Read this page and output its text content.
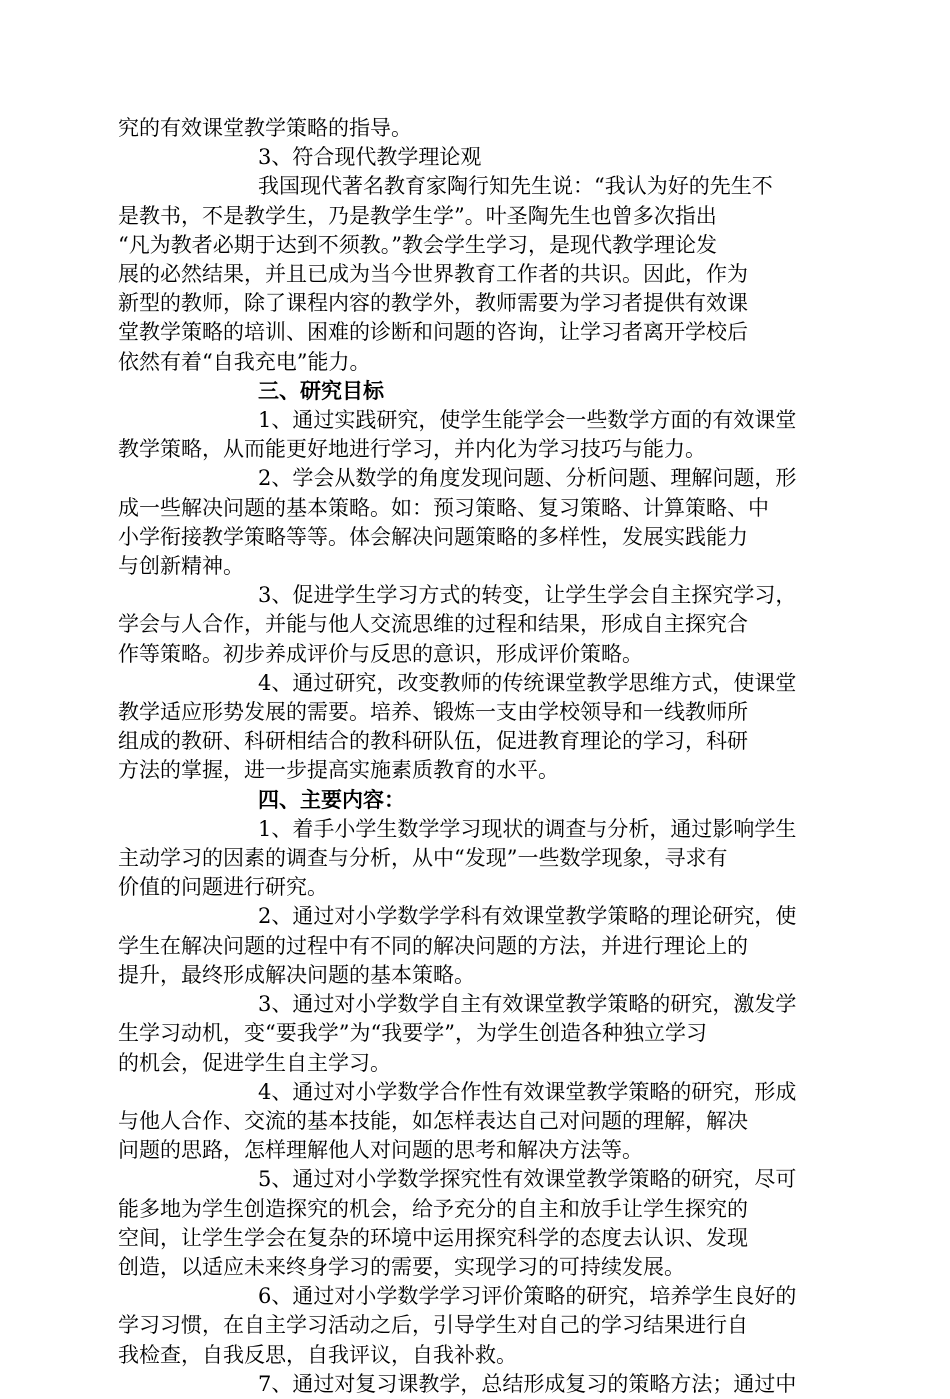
究的有效课堂教学策略的指导。
3、符合现代教学理论观
我国现代著名教育家陶行知先生说：“我认为好的先生不
是教书，不是教学生，乃是教学生学”。叶圣陶先生也曾多次指出
“凡为教者必期于达到不须教。”教会学生学习，是现代教学理论发
展的必然结果，并且已成为当今世界教育工作者的共识。因此，作为
新型的教师，除了课程内容的教学外，教师需要为学习者提供有效课
堂教学策略的培训、困难的诊断和问题的咨询，让学习者离开学校后
依然有着“自我充电”能力。
三、研究目标
1、通过实践研究，使学生能学会一些数学方面的有效课堂
教学策略，从而能更好地进行学习，并内化为学习技巧与能力。
2、学会从数学的角度发现问题、分析问题、理解问题，形
成一些解决问题的基本策略。如：预习策略、复习策略、计算策略、中
小学衔接教学策略等等。体会解决问题策略的多样性，发展实践能力
与创新精神。
3、促进学生学习方式的转变，让学生学会自主探究学习，
学会与人合作，并能与他人交流思维的过程和结果，形成自主探究合
作等策略。初步养成评价与反思的意识，形成评价策略。
4、通过研究，改变教师的传统课堂教学思维方式，使课堂
教学适应形势发展的需要。培养、锻炼一支由学校领导和一线教师所
组成的教研、科研相结合的教科研队伍，促进教育理论的学习，科研
方法的掌握，进一步提高实施素质教育的水平。
四、主要内容：
1、着手小学生数学学习现状的调查与分析，通过影响学生
主动学习的因素的调查与分析，从中“发现”一些数学现象，寻求有
价值的问题进行研究。
2、通过对小学数学学科有效课堂教学策略的理论研究，使
学生在解决问题的过程中有不同的解决问题的方法，并进行理论上的
提升，最终形成解决问题的基本策略。
3、通过对小学数学自主有效课堂教学策略的研究，激发学
生学习动机，变“要我学”为“我要学”，为学生创造各种独立学习
的机会，促进学生自主学习。
4、通过对小学数学合作性有效课堂教学策略的研究，形成
与他人合作、交流的基本技能，如怎样表达自己对问题的理解，解决
问题的思路，怎样理解他人对问题的思考和解决方法等。
5、通过对小学数学探究性有效课堂教学策略的研究，尽可
能多地为学生创造探究的机会，给予充分的自主和放手让学生探究的
空间，让学生学会在复杂的环境中运用探究科学的态度去认识、发现
创造，以适应未来终身学习的需要，实现学习的可持续发展。
6、通过对小学数学学习评价策略的研究，培养学生良好的
学习习惯，在自主学习活动之后，引导学生对自己的学习结果进行自
我检查，自我反思，自我评议，自我补救。
7、通过对复习课教学，总结形成复习的策略方法；通过中
